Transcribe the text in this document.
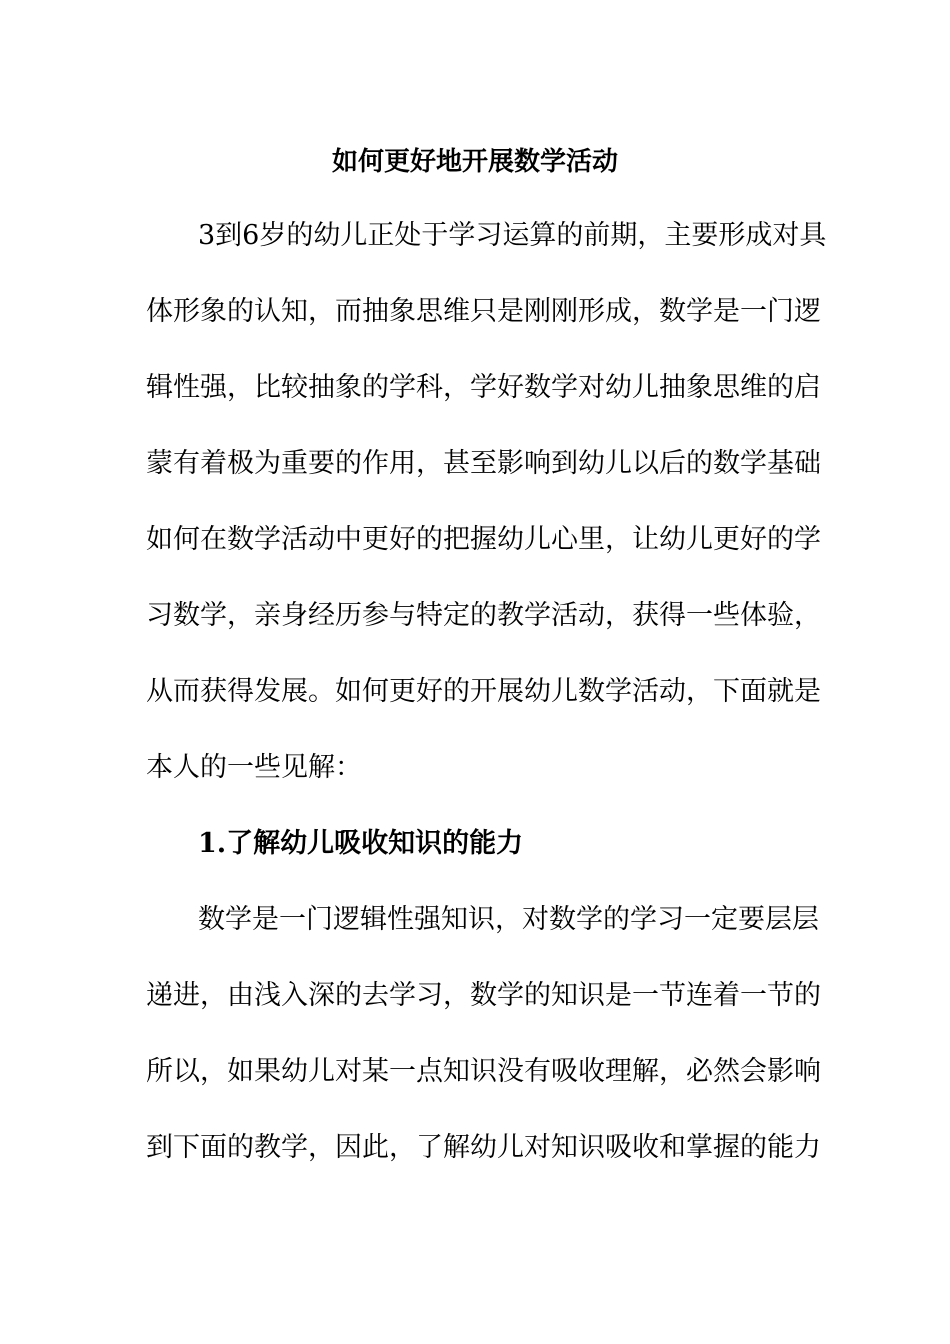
如何更好地开展数学活动
3到6岁的幼儿正处于学习运算的前期，主要形成对具
体形象的认知，而抽象思维只是刚刚形成，数学是一门逻
辑性强，比较抽象的学科，学好数学对幼儿抽象思维的启
蒙有着极为重要的作用，甚至影响到幼儿以后的数学基础
如何在数学活动中更好的把握幼儿心里，让幼儿更好的学
习数学，亲身经历参与特定的教学活动，获得一些体验，
从而获得发展。如何更好的开展幼儿数学活动，下面就是
本人的一些见解：
1.了解幼儿吸收知识的能力
数学是一门逻辑性强知识，对数学的学习一定要层层
递进，由浅入深的去学习，数学的知识是一节连着一节的
所以，如果幼儿对某一点知识没有吸收理解，必然会影响
到下面的教学，因此，了解幼儿对知识吸收和掌握的能力
